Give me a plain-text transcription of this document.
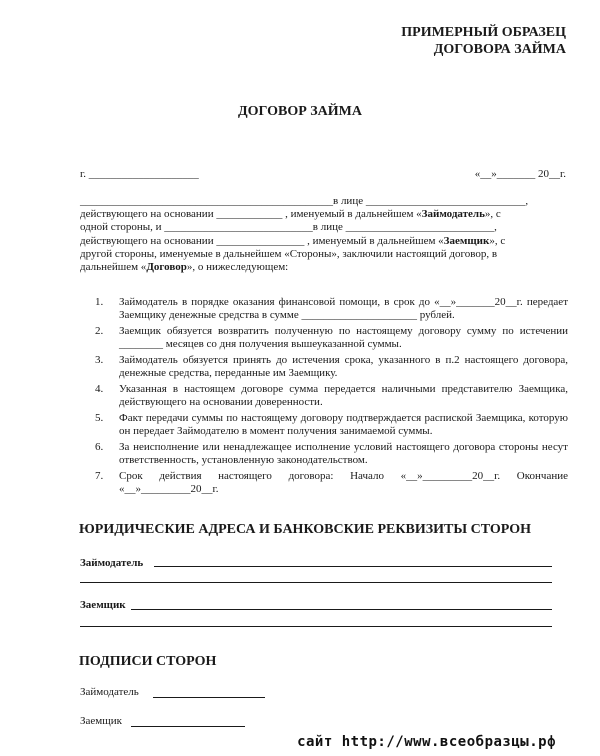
ПРИМЕРНЫЙ ОБРАЗЕЦ
ДОГОВОРА ЗАЙМА
ДОГОВОР ЗАЙМА
г. ____________________	«__»_______ 20__г.

______________________________________________в лице _____________________________,

действующего на основании ____________ , именуемый в дальнейшем «Займодатель», с

одной стороны, и ___________________________в лице ___________________________,

действующего на основании ________________ , именуемый в дальнейшем «Заемщик», с

другой стороны, именуемые в дальнейшем «Стороны», заключили настоящий договор, в

дальнейшем «Договор», о нижеследующем:

1. Займодатель в порядке оказания финансовой помощи, в срок до «__»_______20__г. передает Заемщику денежные средства в сумме _____________________ рублей.
2. Заемщик обязуется возвратить полученную по настоящему договору сумму по истечении ________ месяцев со дня получения вышеуказанной суммы.
3. Займодатель обязуется принять до истечения срока, указанного в п.2 настоящего договора, денежные средства, переданные им Заемщику.
4. Указанная в настоящем договоре сумма передается наличными представителю Заемщика, действующего на основании доверенности.
5. Факт передачи суммы по настоящему договору подтверждается распиской Заемщика, которую он передает Займодателю в момент получения занимаемой суммы.
6. За неисполнение или ненадлежащее исполнение условий настоящего договора стороны несут ответственность, установленную законодательством.
7. Срок действия настоящего договора: Начало «__»_________20__г. Окончание «__»_________20__г.
ЮРИДИЧЕСКИЕ АДРЕСА И БАНКОВСКИЕ РЕКВИЗИТЫ СТОРОН
Займодатель
Заемщик
ПОДПИСИ СТОРОН
Займодатель
Заемщик
сайт http://www.всеобразцы.рф
